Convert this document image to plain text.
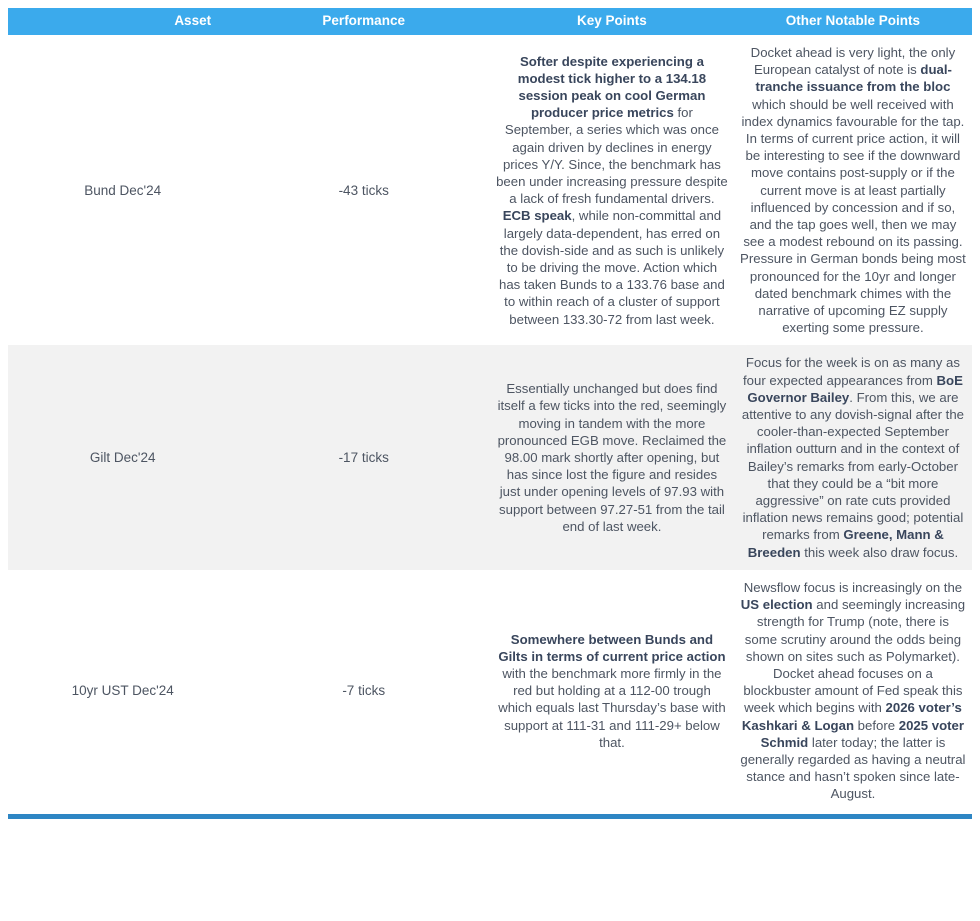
Asset	Performance	Key Points	Other Notable Points
Bund Dec'24	-43 ticks	Softer despite experiencing a modest tick higher to a 134.18 session peak on cool German producer price metrics for September, a series which was once again driven by declines in energy prices Y/Y. Since, the benchmark has been under increasing pressure despite a lack of fresh fundamental drivers. ECB speak, while non-committal and largely data-dependent, has erred on the dovish-side and as such is unlikely to be driving the move. Action which has taken Bunds to a 133.76 base and to within reach of a cluster of support between 133.30-72 from last week.	Docket ahead is very light, the only European catalyst of note is dual-tranche issuance from the bloc which should be well received with index dynamics favourable for the tap. In terms of current price action, it will be interesting to see if the downward move contains post-supply or if the current move is at least partially influenced by concession and if so, and the tap goes well, then we may see a modest rebound on its passing. Pressure in German bonds being most pronounced for the 10yr and longer dated benchmark chimes with the narrative of upcoming EZ supply exerting some pressure.
Gilt Dec'24	-17 ticks	Essentially unchanged but does find itself a few ticks into the red, seemingly moving in tandem with the more pronounced EGB move. Reclaimed the 98.00 mark shortly after opening, but has since lost the figure and resides just under opening levels of 97.93 with support between 97.27-51 from the tail end of last week.	Focus for the week is on as many as four expected appearances from BoE Governor Bailey. From this, we are attentive to any dovish-signal after the cooler-than-expected September inflation outturn and in the context of Bailey’s remarks from early-October that they could be a “bit more aggressive” on rate cuts provided inflation news remains good; potential remarks from Greene, Mann & Breeden this week also draw focus.
10yr UST Dec'24	-7 ticks	Somewhere between Bunds and Gilts in terms of current price action with the benchmark more firmly in the red but holding at a 112-00 trough which equals last Thursday’s base with support at 111-31 and 111-29+ below that.	Newsflow focus is increasingly on the US election and seemingly increasing strength for Trump (note, there is some scrutiny around the odds being shown on sites such as Polymarket). Docket ahead focuses on a blockbuster amount of Fed speak this week which begins with 2026 voter’s Kashkari & Logan before 2025 voter Schmid later today; the latter is generally regarded as having a neutral stance and hasn’t spoken since late-August.
